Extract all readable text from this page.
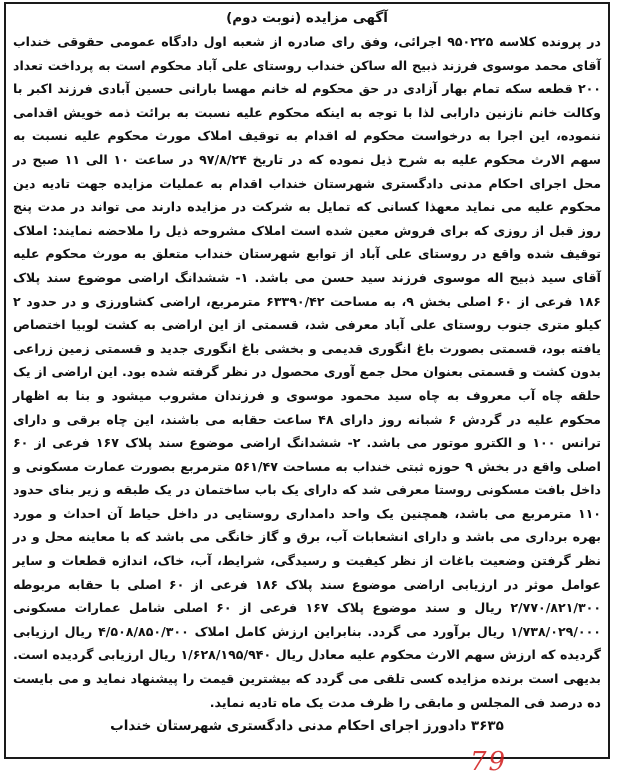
آگهی مزایده (نوبت دوم)
در پرونده کلاسه ۹۵۰۲۲۵ اجرائی، وفق رای صادره از شعبه اول دادگاه عمومی حقوقی خنداب آقای محمد موسوی فرزند ذبیح اله ساکن خنداب روستای علی آباد محکوم است به پرداخت تعداد ۲۰۰ قطعه سکه تمام بهار آزادی در حق محکوم له خانم مهسا بارانی حسین آبادی فرزند اکبر با وکالت خانم نازنین دارابی لذا با توجه به اینکه محکوم علیه نسبت به برائت ذمه خویش اقدامی ننموده، این اجرا به درخواست محکوم له اقدام به توقیف املاک مورث محکوم علیه نسبت به سهم الارث محکوم علیه به شرح ذیل نموده که در تاریخ ۹۷/۸/۲۴ در ساعت ۱۰ الی ۱۱ صبح در محل اجرای احکام مدنی دادگستری شهرستان خنداب اقدام به عملیات مزایده جهت تادیه دین محکوم علیه می نماید معهذا کسانی که تمایل به شرکت در مزایده دارند می تواند در مدت پنج روز قبل از روزی که برای فروش معین شده است املاک مشروحه ذیل را ملاحضه نمایند: املاک توقیف شده واقع در روستای علی آباد از توابع شهرستان خنداب متعلق به مورث محکوم علیه آقای سید ذبیح اله موسوی فرزند سید حسن می باشد. ۱- ششدانگ اراضی موضوع سند پلاک ۱۸۶ فرعی از ۶۰ اصلی بخش ۹، به مساحت ۶۳۳۹۰/۴۲ مترمربع، اراضی کشاورزی و در حدود ۲ کیلو متری جنوب روستای علی آباد معرفی شد، قسمتی از این اراضی به کشت لوبیا اختصاص یافته بود، قسمتی بصورت باغ انگوری قدیمی و بخشی باغ انگوری جدید و قسمتی زمین زراعی بدون کشت و قسمتی بعنوان محل جمع آوری محصول در نظر گرفته شده بود. این اراضی از یک حلقه چاه آب معروف به چاه سید محمود موسوی و فرزندان مشروب میشود و بنا به اظهار محکوم علیه در گردش ۶ شبانه روز دارای ۴۸ ساعت حقابه می باشند، این چاه برقی و دارای ترانس ۱۰۰ و الکترو موتور می باشد. ۲- ششدانگ اراضی موضوع سند پلاک ۱۶۷ فرعی از ۶۰ اصلی واقع در بخش ۹ حوزه ثبتی خنداب به مساحت ۵۶۱/۴۷ مترمربع بصورت عمارت مسکونی و داخل بافت مسکونی روستا معرفی شد که دارای یک باب ساختمان در یک طبقه و زیر بنای حدود ۱۱۰ مترمربع می باشد، همچنین یک واحد دامداری روستایی در داخل حیاط آن احداث و مورد بهره برداری می باشد و دارای انشعابات آب، برق و گاز خانگی می باشد که با معاینه محل و در نظر گرفتن وضعیت باغات از نظر کیفیت و رسیدگی، شرایط، آب، خاک، اندازه قطعات و سایر عوامل موثر در ارزیابی اراضی موضوع سند پلاک ۱۸۶ فرعی از ۶۰ اصلی با حقابه مربوطه ۲/۷۷۰/۸۲۱/۳۰۰ ریال و سند موضوع پلاک ۱۶۷ فرعی از ۶۰ اصلی شامل عمارات مسکونی ۱/۷۳۸/۰۲۹/۰۰۰ ریال برآورد می گردد. بنابراین ارزش کامل املاک ۴/۵۰۸/۸۵۰/۳۰۰ ریال ارزیابی گردیده که ارزش سهم الارث محکوم علیه معادل ریال ۱/۶۲۸/۱۹۵/۹۴۰ ریال ارزیابی گردیده است. بدیهی است برنده مزایده کسی تلقی می گردد که بیشترین قیمت را پیشنهاد نماید و می بایست ده درصد فی المجلس و مابقی را ظرف مدت یک ماه تادیه نماید.
۳۶۳۵ دادورز اجرای احکام مدنی دادگستری شهرستان خنداب
79
